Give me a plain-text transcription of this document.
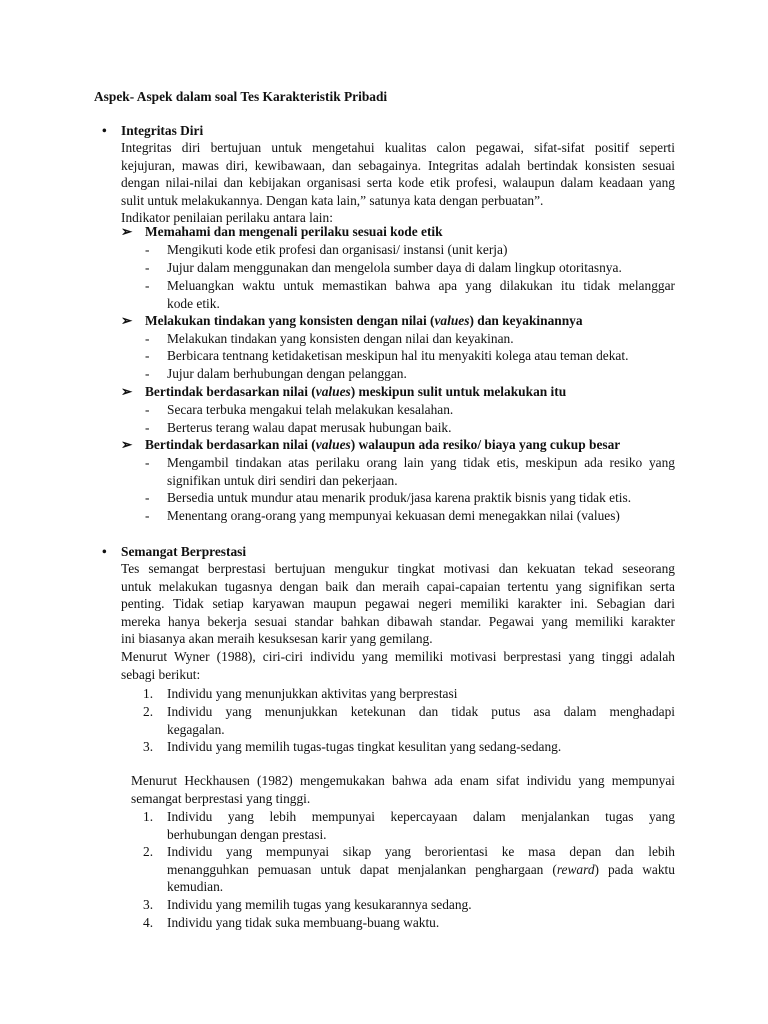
Aspek- Aspek dalam soal Tes Karakteristik Pribadi
• Integritas Diri
Integritas diri bertujuan untuk mengetahui kualitas calon pegawai, sifat-sifat positif seperti
kejujuran, mawas diri, kewibawaan, dan sebagainya. Integritas adalah bertindak konsisten sesuai
dengan nilai-nilai dan kebijakan organisasi serta kode etik profesi, walaupun dalam keadaan yang
sulit untuk melakukannya. Dengan kata lain,” satunya kata dengan perbuatan”.
Indikator penilaian perilaku antara lain:
➢ Memahami dan mengenali perilaku sesuai kode etik
- Mengikuti kode etik profesi dan organisasi/ instansi (unit kerja)
- Jujur dalam menggunakan dan mengelola sumber daya di dalam lingkup otoritasnya.
- Meluangkan waktu untuk memastikan bahwa apa yang dilakukan itu tidak melanggar
kode etik.
➢ Melakukan tindakan yang konsisten dengan nilai (values) dan keyakinannya
- Melakukan tindakan yang konsisten dengan nilai dan keyakinan.
- Berbicara tentnang ketidaketisan meskipun hal itu menyakiti kolega atau teman dekat.
- Jujur dalam berhubungan dengan pelanggan.
➢ Bertindak berdasarkan nilai (values) meskipun sulit untuk melakukan itu
- Secara terbuka mengakui telah melakukan kesalahan.
- Berterus terang walau dapat merusak hubungan baik.
➢ Bertindak berdasarkan nilai (values) walaupun ada resiko/ biaya yang cukup besar
- Mengambil tindakan atas perilaku orang lain yang tidak etis, meskipun ada resiko yang
signifikan untuk diri sendiri dan pekerjaan.
- Bersedia untuk mundur atau menarik produk/jasa karena praktik bisnis yang tidak etis.
- Menentang orang-orang yang mempunyai kekuasan demi menegakkan nilai (values)
• Semangat Berprestasi
Tes semangat berprestasi bertujuan mengukur tingkat motivasi dan kekuatan tekad seseorang
untuk melakukan tugasnya dengan baik dan meraih capai-capaian tertentu yang signifikan serta
penting. Tidak setiap karyawan maupun pegawai negeri memiliki karakter ini. Sebagian dari
mereka hanya bekerja sesuai standar bahkan dibawah standar. Pegawai yang memiliki karakter
ini biasanya akan meraih kesuksesan karir yang gemilang.
Menurut Wyner (1988), ciri-ciri individu yang memiliki motivasi berprestasi yang tinggi adalah
sebagi berikut:
1. Individu yang menunjukkan aktivitas yang berprestasi
2. Individu yang menunjukkan ketekunan dan tidak putus asa dalam menghadapi
kegagalan.
3. Individu yang memilih tugas-tugas tingkat kesulitan yang sedang-sedang.
Menurut Heckhausen (1982) mengemukakan bahwa ada enam sifat individu yang mempunyai
semangat berprestasi yang tinggi.
1. Individu yang lebih mempunyai kepercayaan dalam menjalankan tugas yang
berhubungan dengan prestasi.
2. Individu yang mempunyai sikap yang berorientasi ke masa depan dan lebih
menangguhkan pemuasan untuk dapat menjalankan penghargaan (reward) pada waktu
kemudian.
3. Individu yang memilih tugas yang kesukarannya sedang.
4. Individu yang tidak suka membuang-buang waktu.
